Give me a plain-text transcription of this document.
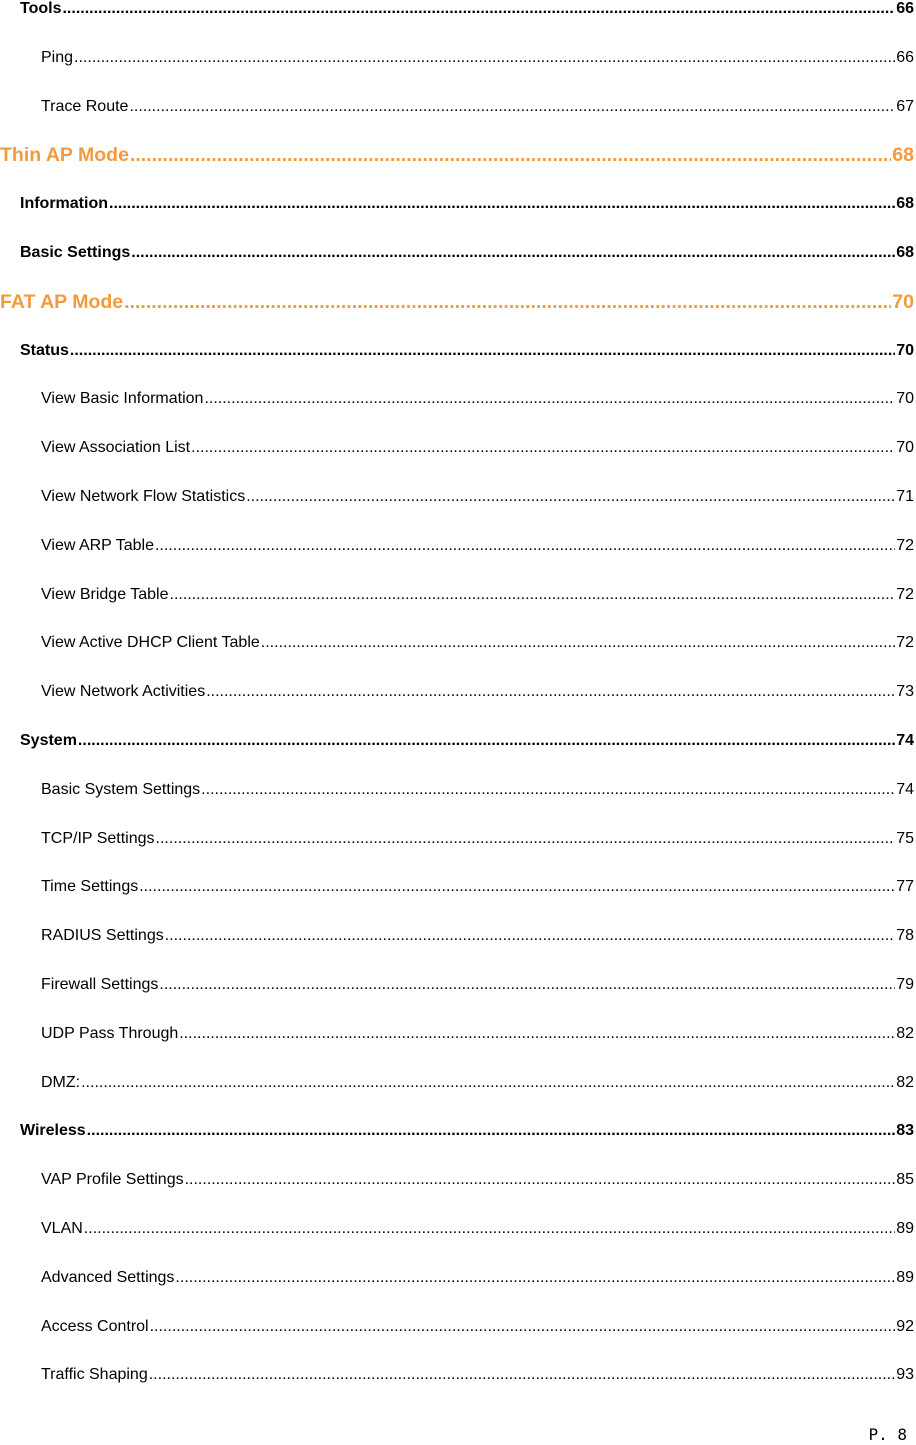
Tools .....	66
Ping .....	66
Trace Route .....	67
Thin AP Mode .....	68
Information .....	68
Basic Settings .....	68
FAT AP Mode .....	70
Status .....	70
View Basic Information .....	70
View Association List .....	70
View Network Flow Statistics .....	71
View ARP Table .....	72
View Bridge Table .....	72
View Active DHCP Client Table .....	72
View Network Activities .....	73
System .....	74
Basic System Settings .....	74
TCP/IP Settings .....	75
Time Settings .....	77
RADIUS Settings .....	78
Firewall Settings .....	79
UDP Pass Through .....	82
DMZ: .....	82
Wireless .....	83
VAP Profile Settings .....	85
VLAN .....	89
Advanced Settings .....	89
Access Control .....	92
Traffic Shaping .....	93
P. 8
